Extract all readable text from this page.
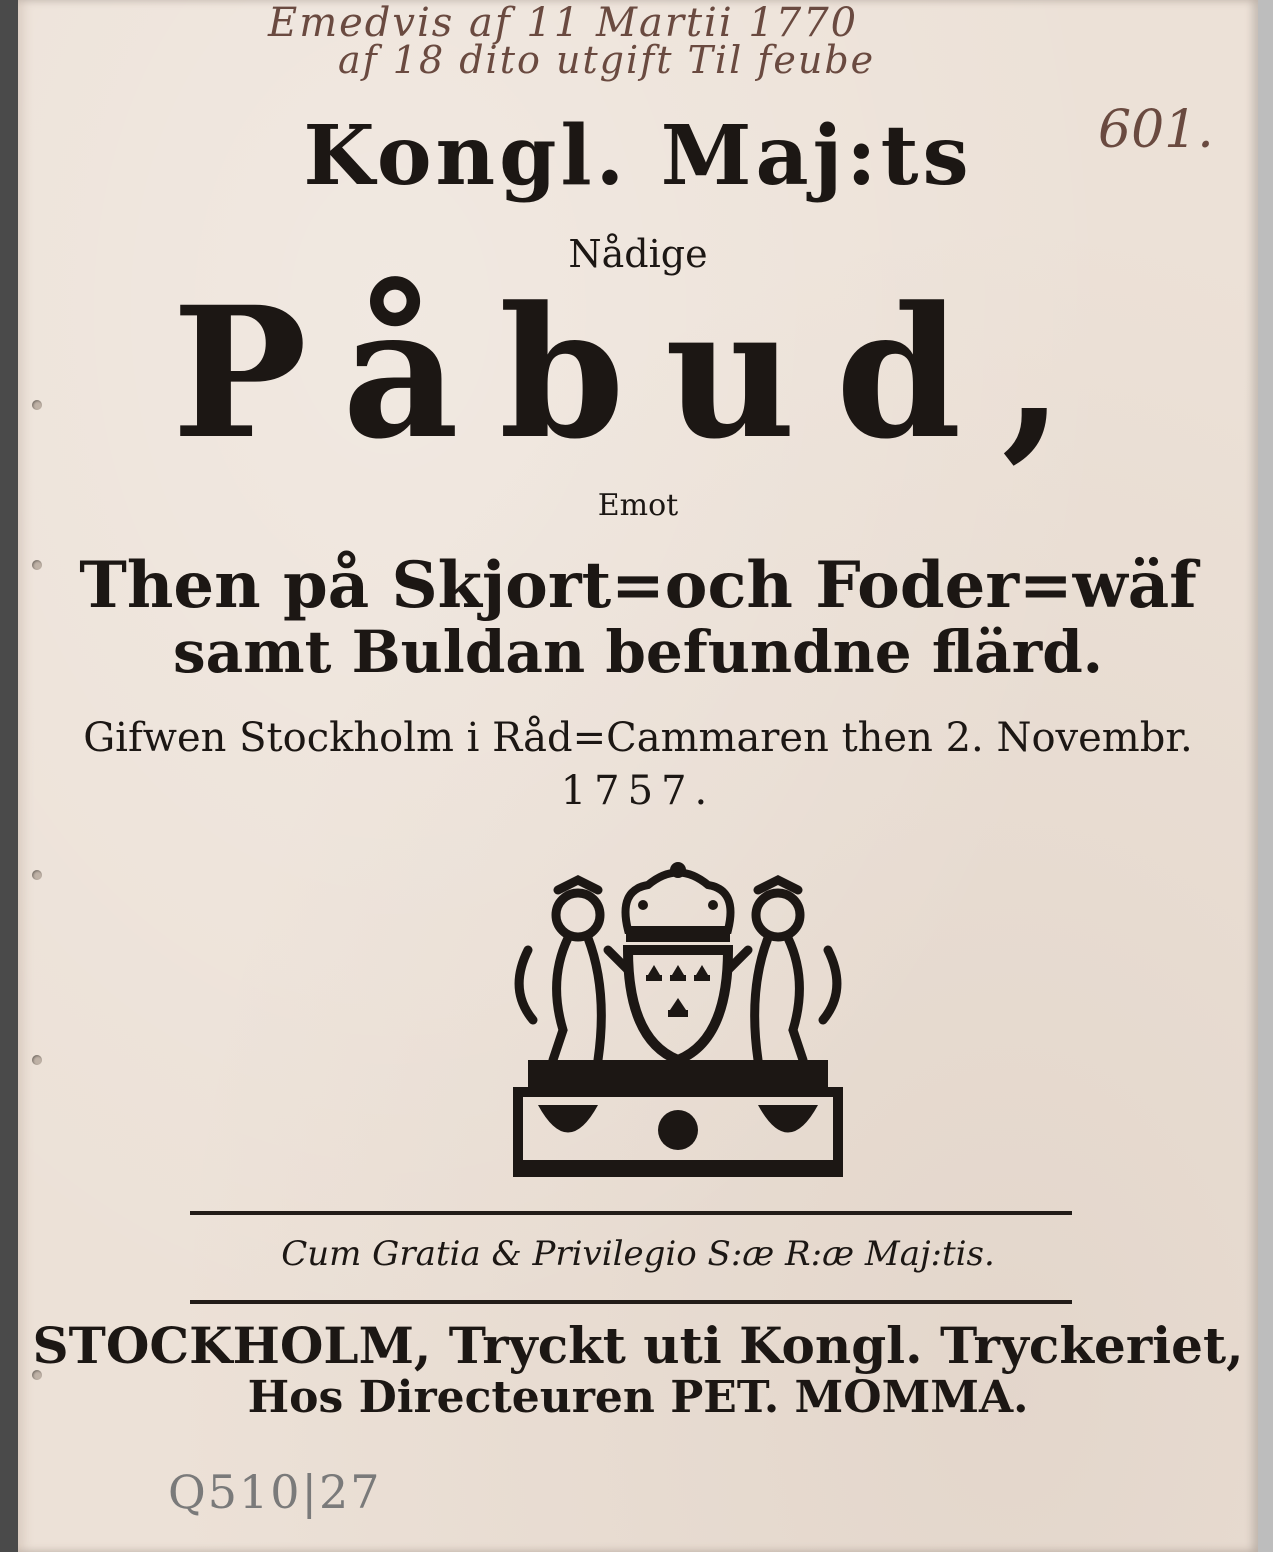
Emedvis af 11 Martii 1770
af 18 dito utgift Til feube
601.
Kongl. Maj:ts
Nådige
Påbud,
Emot
Then på Skjort=och Foder=wäf
samt Buldan befundne flärd.
Gifwen Stockholm i Råd=Cammaren then 2. Novembr.
1757.
Cum Gratia & Privilegio S:æ R:æ Maj:tis.
STOCKHOLM, Tryckt uti Kongl. Tryckeriet,
Hos Directeuren PET. MOMMA.
Q510|27
